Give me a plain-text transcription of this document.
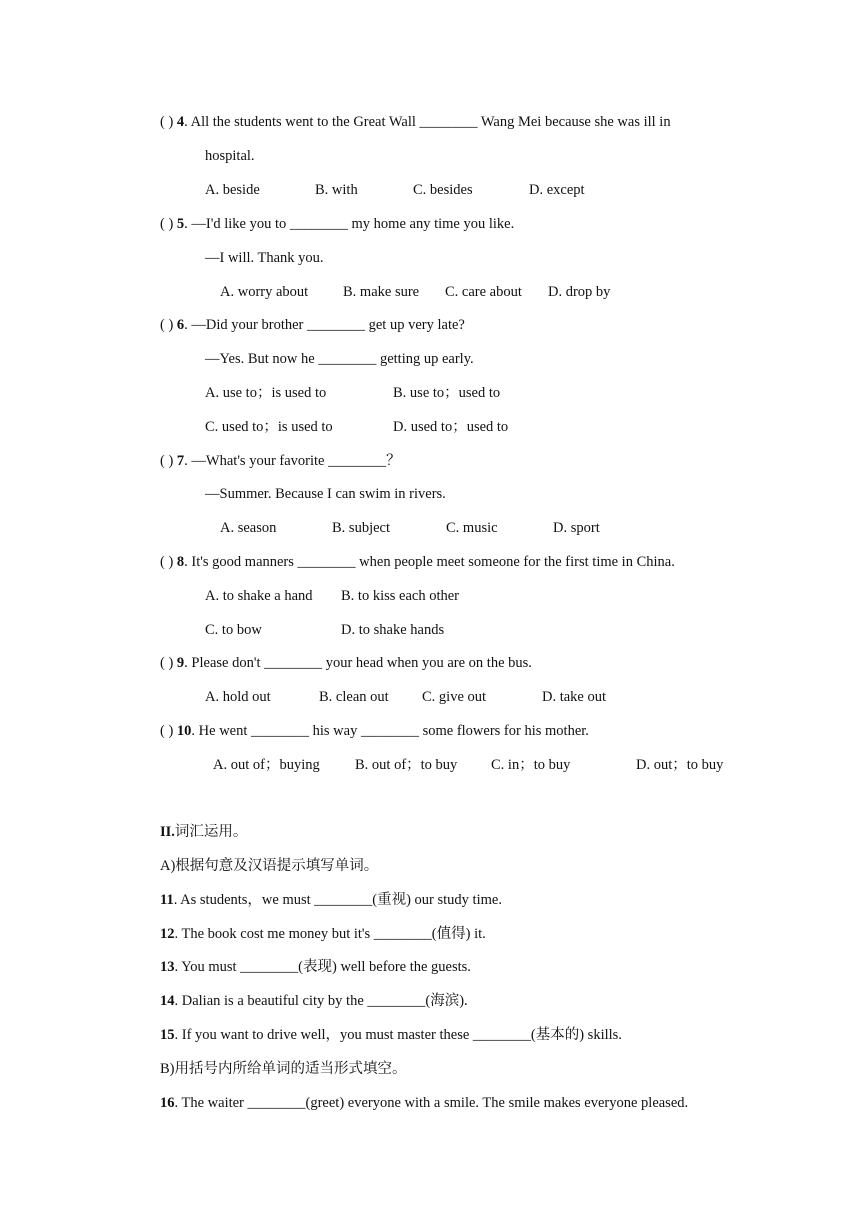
( ) 4. All the students went to the Great Wall ________ Wang Mei because she was ill in
hospital.
A. beside	B. with	C. besides	D. except
( ) 5. —I'd like you to ________ my home any time you like.
—I will. Thank you.
A. worry about B. make sure C. care about D. drop by
( ) 6. —Did your brother ________ get up very late?
—Yes. But now he ________ getting up early.
A. use to；is used to	B. use to；used to
C. used to；is used to	D. used to；used to
( ) 7. —What's your favorite ________？
—Summer. Because I can swim in rivers.
A. season	B. subject	C. music	D. sport
( ) 8. It's good manners ________ when people meet someone for the first time in China.
A. to shake a hand B. to kiss each other
C. to bow	D. to shake hands
( ) 9. Please don't ________ your head when you are on the bus.
A. hold out	B. clean out C. give out	D. take out
( ) 10. He went ________ his way ________ some flowers for his mother.
A. out of；buying B. out of；to buy C. in；to buy	D. out；to buy
II.词汇运用。
A)根据句意及汉语提示填写单词。
11. As students，we must ________(重视) our study time.
12. The book cost me money but it's ________(值得) it.
13. You must ________(表现) well before the guests.
14. Dalian is a beautiful city by the ________(海滨).
15. If you want to drive well，you must master these ________(基本的) skills.
B)用括号内所给单词的适当形式填空。
16. The waiter ________(greet) everyone with a smile. The smile makes everyone pleased.
